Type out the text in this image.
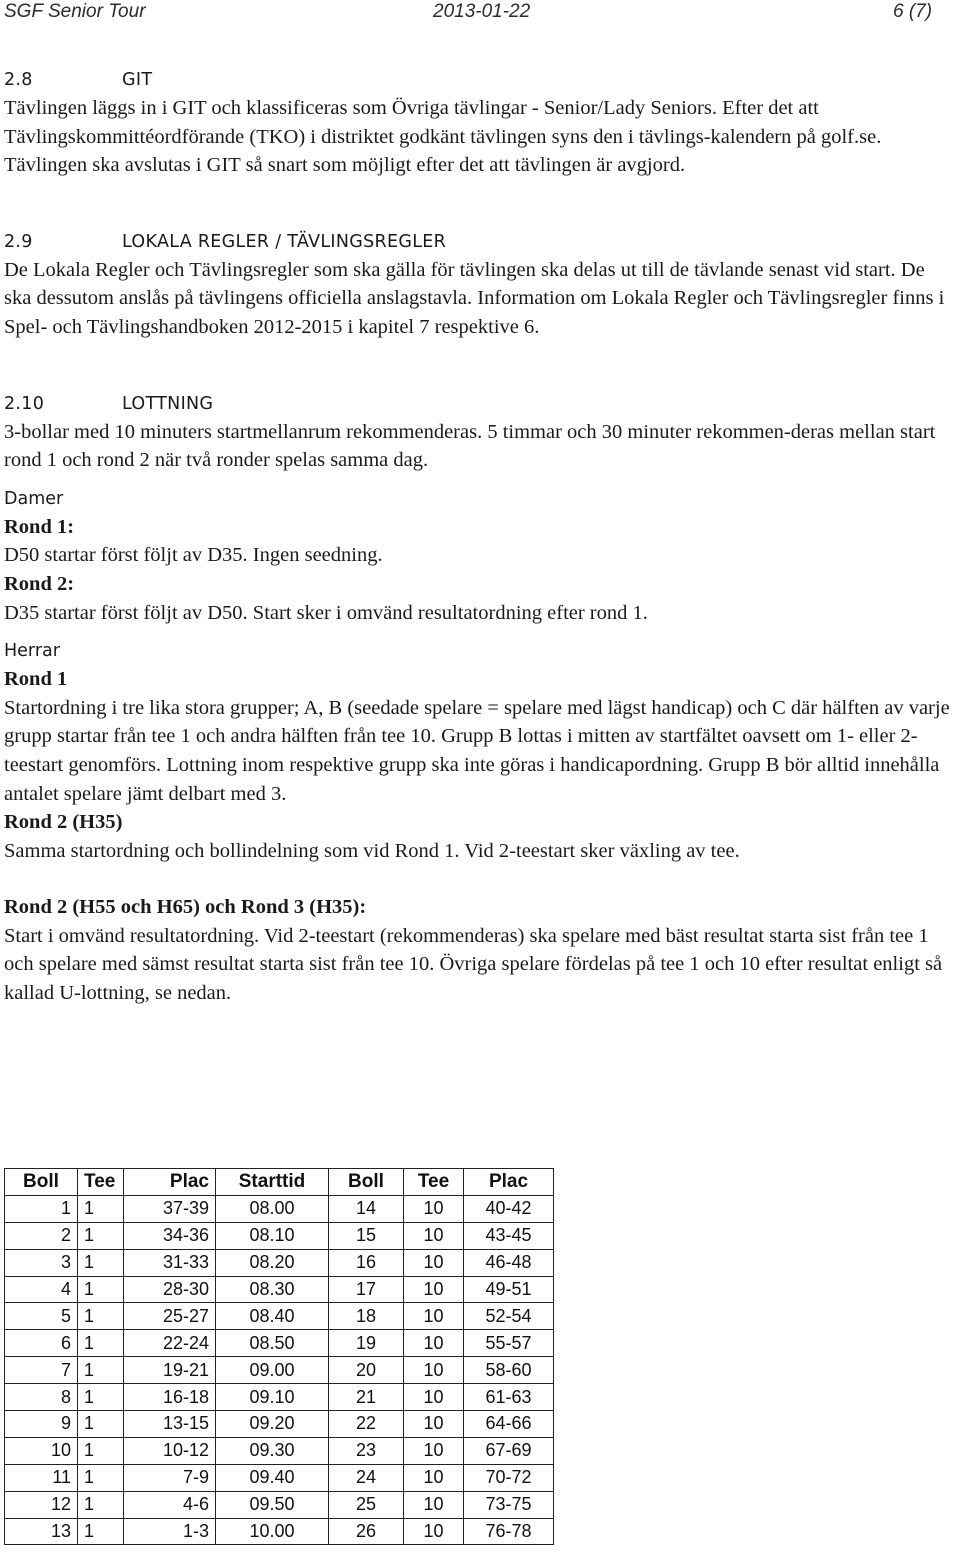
SGF Senior Tour	2013-01-22	6 (7)
2.8	GIT

Tävlingen läggs in i GIT och klassificeras som Övriga tävlingar - Senior/Lady Seniors. Efter det att Tävlingskommittéordförande (TKO) i distriktet godkänt tävlingen syns den i tävlings-kalendern på golf.se. Tävlingen ska avslutas i GIT så snart som möjligt efter det att tävlingen är avgjord.

2.9	LOKALA REGLER / TÄVLINGSREGLER

De Lokala Regler och Tävlingsregler som ska gälla för tävlingen ska delas ut till de tävlande senast vid start. De ska dessutom anslås på tävlingens officiella anslagstavla. Information om Lokala Regler och Tävlingsregler finns i Spel- och Tävlingshandboken 2012-2015 i kapitel 7 respektive 6.

2.10	LOTTNING

3-bollar med 10 minuters startmellanrum rekommenderas. 5 timmar och 30 minuter rekommen-deras mellan start rond 1 och rond 2 när två ronder spelas samma dag.

Damer

Rond 1:

D50 startar först följt av D35. Ingen seedning.

Rond 2:

D35 startar först följt av D50. Start sker i omvänd resultatordning efter rond 1.

Herrar

Rond 1

Startordning i tre lika stora grupper; A, B (seedade spelare = spelare med lägst handicap) och C där hälften av varje grupp startar från tee 1 och andra hälften från tee 10. Grupp B lottas i mitten av startfältet oavsett om 1- eller 2-teestart genomförs. Lottning inom respektive grupp ska inte göras i handicapordning. Grupp B bör alltid innehålla antalet spelare jämt delbart med 3.

Rond 2 (H35)

Samma startordning och bollindelning som vid Rond 1. Vid 2-teestart sker växling av tee.

Rond 2 (H55 och H65) och Rond 3 (H35):

Start i omvänd resultatordning. Vid 2-teestart (rekommenderas) ska spelare med bäst resultat starta sist från tee 1 och spelare med sämst resultat starta sist från tee 10. Övriga spelare fördelas på tee 1 och 10 efter resultat enligt så kallad U-lottning, se nedan.

Boll	Tee	Plac	Starttid	Boll	Tee	Plac
1	1	37-39	08.00	14	10	40-42
2	1	34-36	08.10	15	10	43-45
3	1	31-33	08.20	16	10	46-48
4	1	28-30	08.30	17	10	49-51
5	1	25-27	08.40	18	10	52-54
6	1	22-24	08.50	19	10	55-57
7	1	19-21	09.00	20	10	58-60
8	1	16-18	09.10	21	10	61-63
9	1	13-15	09.20	22	10	64-66
10	1	10-12	09.30	23	10	67-69
11	1	7-9	09.40	24	10	70-72
12	1	4-6	09.50	25	10	73-75
13	1	1-3	10.00	26	10	76-78
